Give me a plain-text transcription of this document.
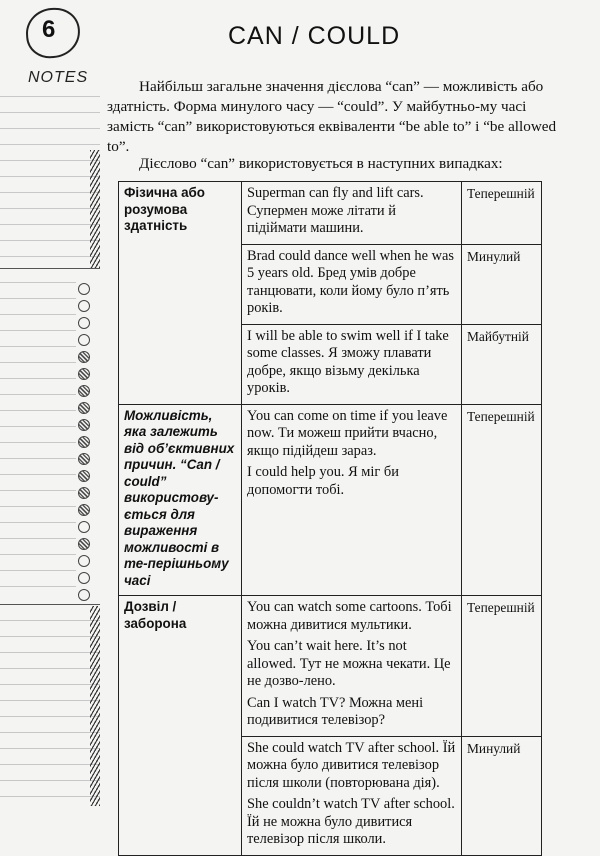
6
NOTES
CAN / COULD

Найбільш загальне значення дієслова “can” — можливість або здатність. Форма минулого часу — “could”. У майбутньо-му часі замість “can” використовуються еквіваленти “be able to” і “be allowed to”.

Дієслово “can” використовується в наступних випадках:

Фізична або розумова здатність	Superman can fly and lift cars. Супермен може літати й підіймати машини.	Теперешній

	Brad could dance well when he was 5 years old. Бред умів добре танцювати, коли йому було п’ять років.	Минулий

	I will be able to swim well if I take some classes. Я зможу плавати добре, якщо візьму декілька уроків.	Майбутній
Можливість, яка залежить від об’єктивних причин. “Can / could” використову-ється для вираження можливості в те-перішньому часі	You can come on time if you leave now. Ти можеш прийти вчасно, якщо підійдеш зараз.

I could help you. Я міг би допомогти тобі.	Теперешній
Дозвіл / заборона	You can watch some cartoons. Тобі можна дивитися мультики.

You can’t wait here. It’s not allowed. Тут не можна чекати. Це не дозво-лено.

Can I watch TV? Можна мені подивитися телевізор?	Теперешній

	She could watch TV after school. Їй можна було дивитися телевізор після школи (повторювана дія).

She couldn’t watch TV after school. Їй не можна було дивитися телевізор після школи.	Минулий
